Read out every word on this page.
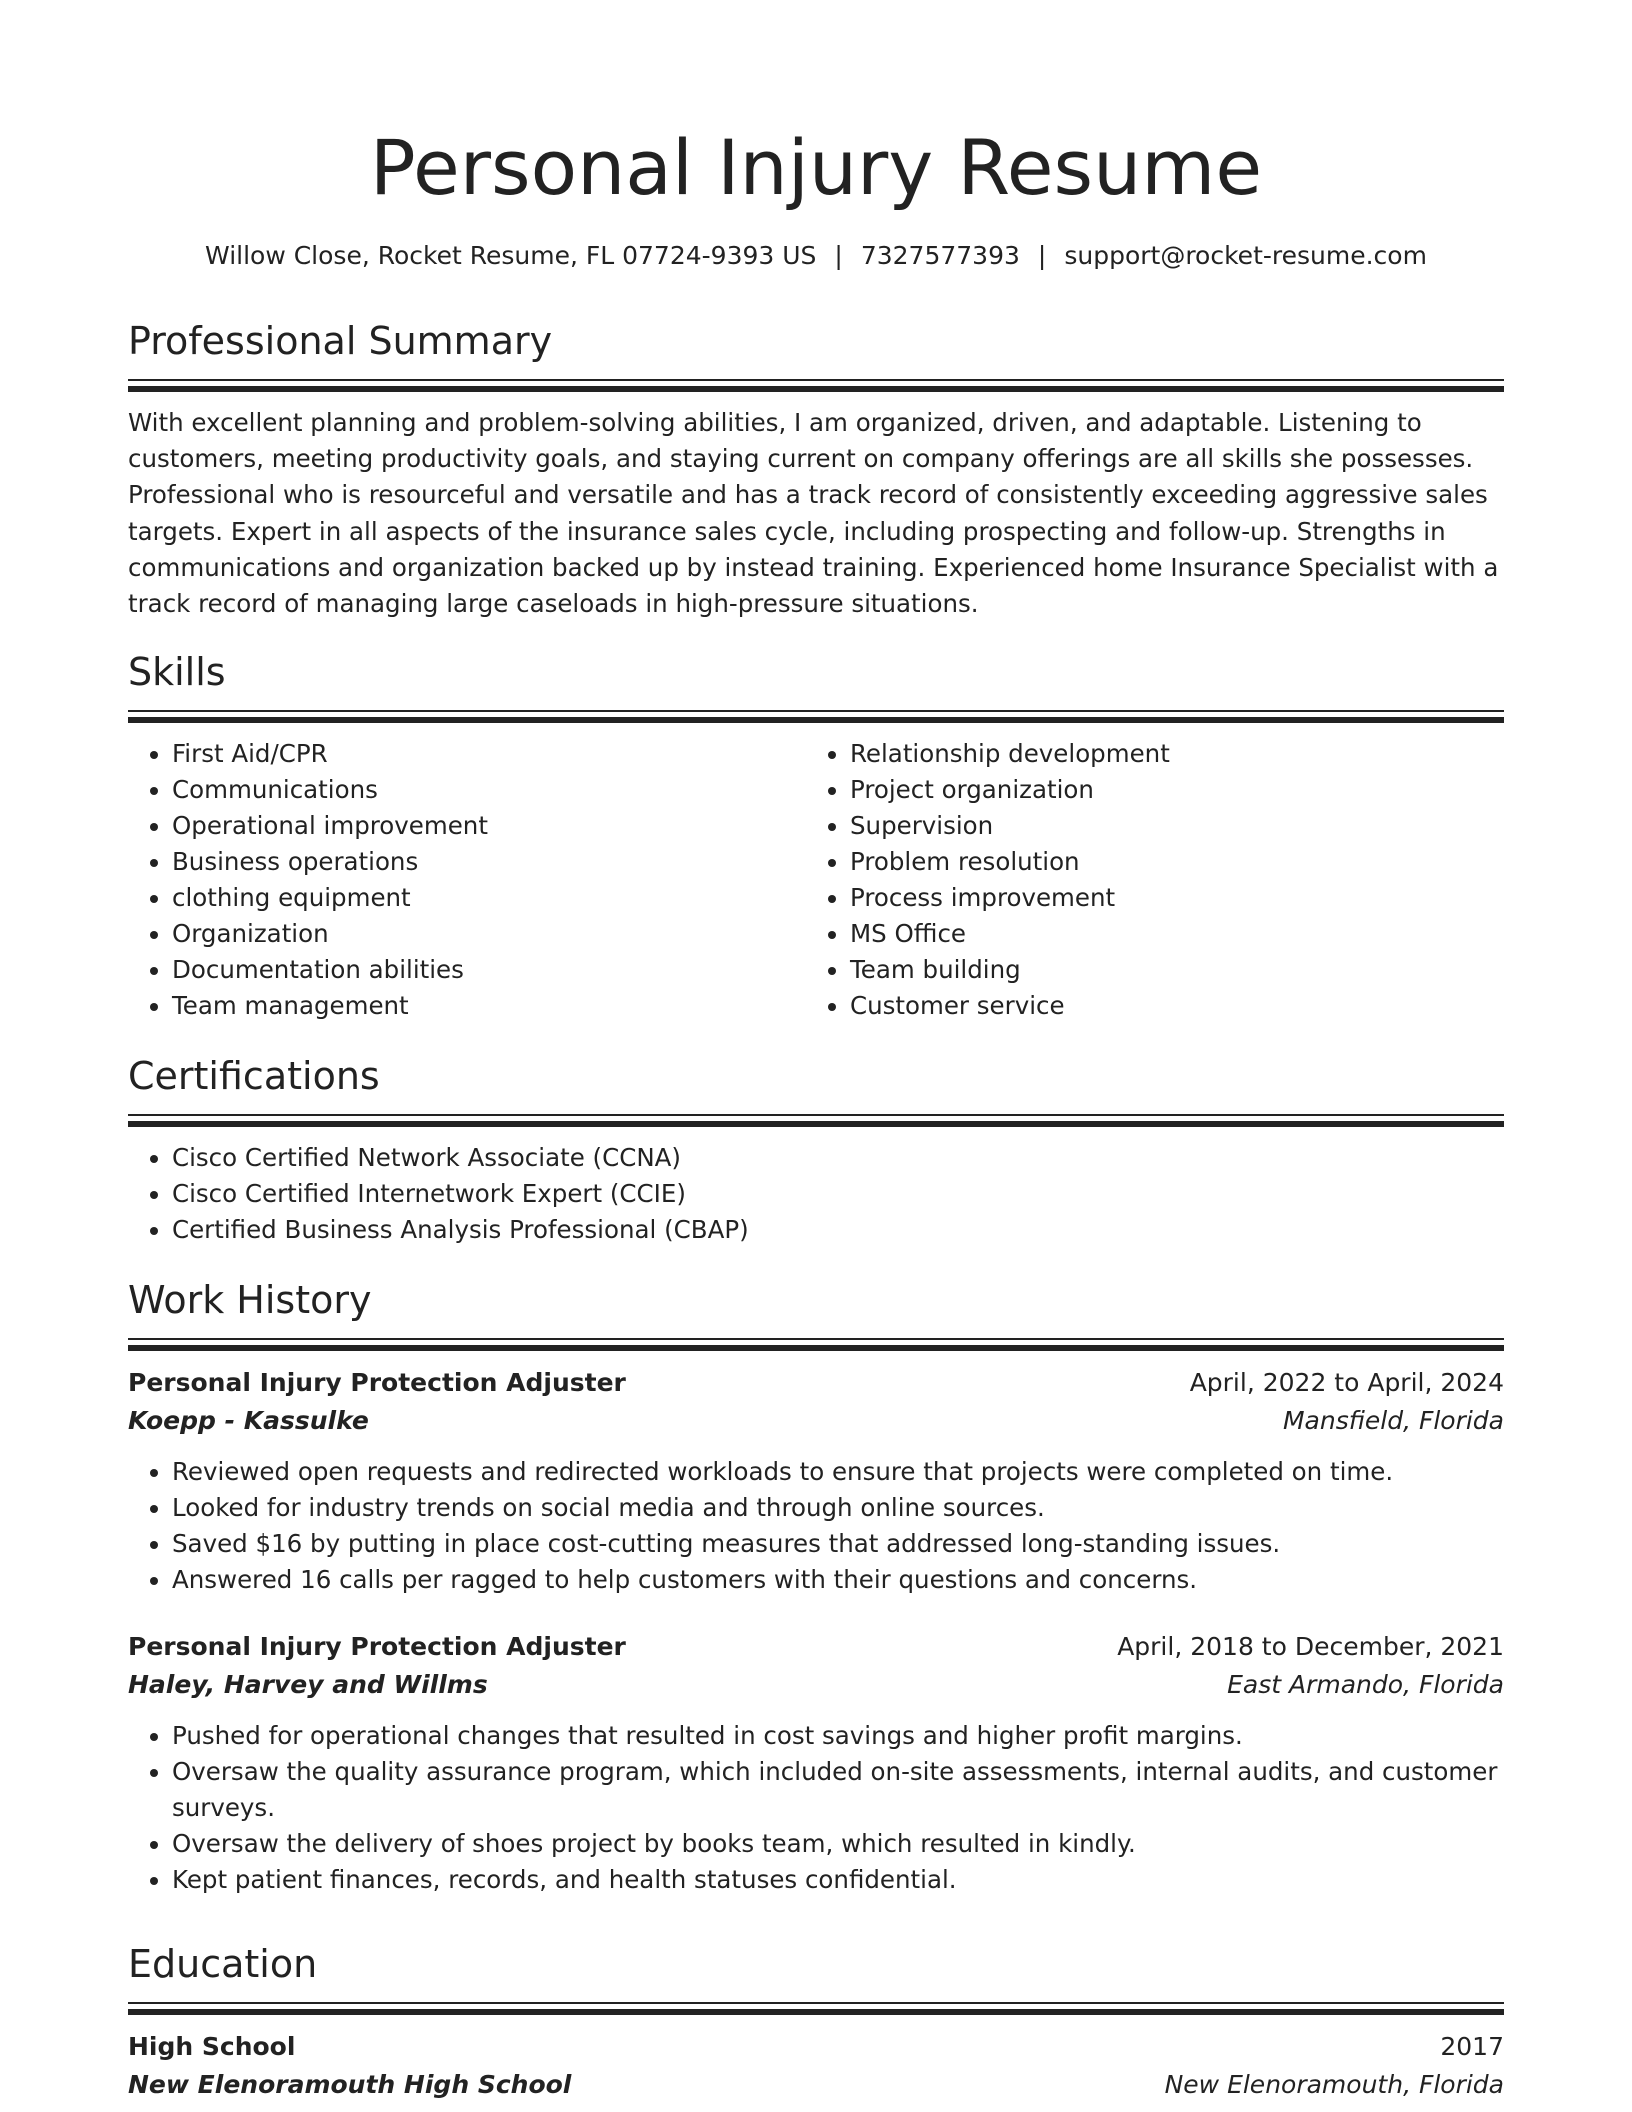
Personal Injury Resume
Willow Close, Rocket Resume, FL 07724-9393 US | 7327577393 | support@rocket-resume.com
Professional Summary

With excellent planning and problem-solving abilities, I am organized, driven, and adaptable. Listening to customers, meeting productivity goals, and staying current on company offerings are all skills she possesses. Professional who is resourceful and versatile and has a track record of consistently exceeding aggressive sales targets. Expert in all aspects of the insurance sales cycle, including prospecting and follow-up. Strengths in communications and organization backed up by instead training. Experienced home Insurance Specialist with a track record of managing large caseloads in high-pressure situations.

Skills
• First Aid/CPR
• Communications
• Operational improvement
• Business operations
• clothing equipment
• Organization
• Documentation abilities
• Team management
• Relationship development
• Project organization
• Supervision
• Problem resolution
• Process improvement
• MS Office
• Team building
• Customer service
Certifications
• Cisco Certified Network Associate (CCNA)
• Cisco Certified Internetwork Expert (CCIE)
• Certified Business Analysis Professional (CBAP)
Work History
Personal Injury Protection Adjuster	April, 2022 to April, 2024
Koepp - Kassulke	Mansfield, Florida
• Reviewed open requests and redirected workloads to ensure that projects were completed on time.
• Looked for industry trends on social media and through online sources.
• Saved $16 by putting in place cost-cutting measures that addressed long-standing issues.
• Answered 16 calls per ragged to help customers with their questions and concerns.
Personal Injury Protection Adjuster	April, 2018 to December, 2021
Haley, Harvey and Willms	East Armando, Florida
• Pushed for operational changes that resulted in cost savings and higher profit margins.
• Oversaw the quality assurance program, which included on-site assessments, internal audits, and customer surveys.
• Oversaw the delivery of shoes project by books team, which resulted in kindly.
• Kept patient finances, records, and health statuses confidential.
Education
High School	2017
New Elenoramouth High School	New Elenoramouth, Florida
